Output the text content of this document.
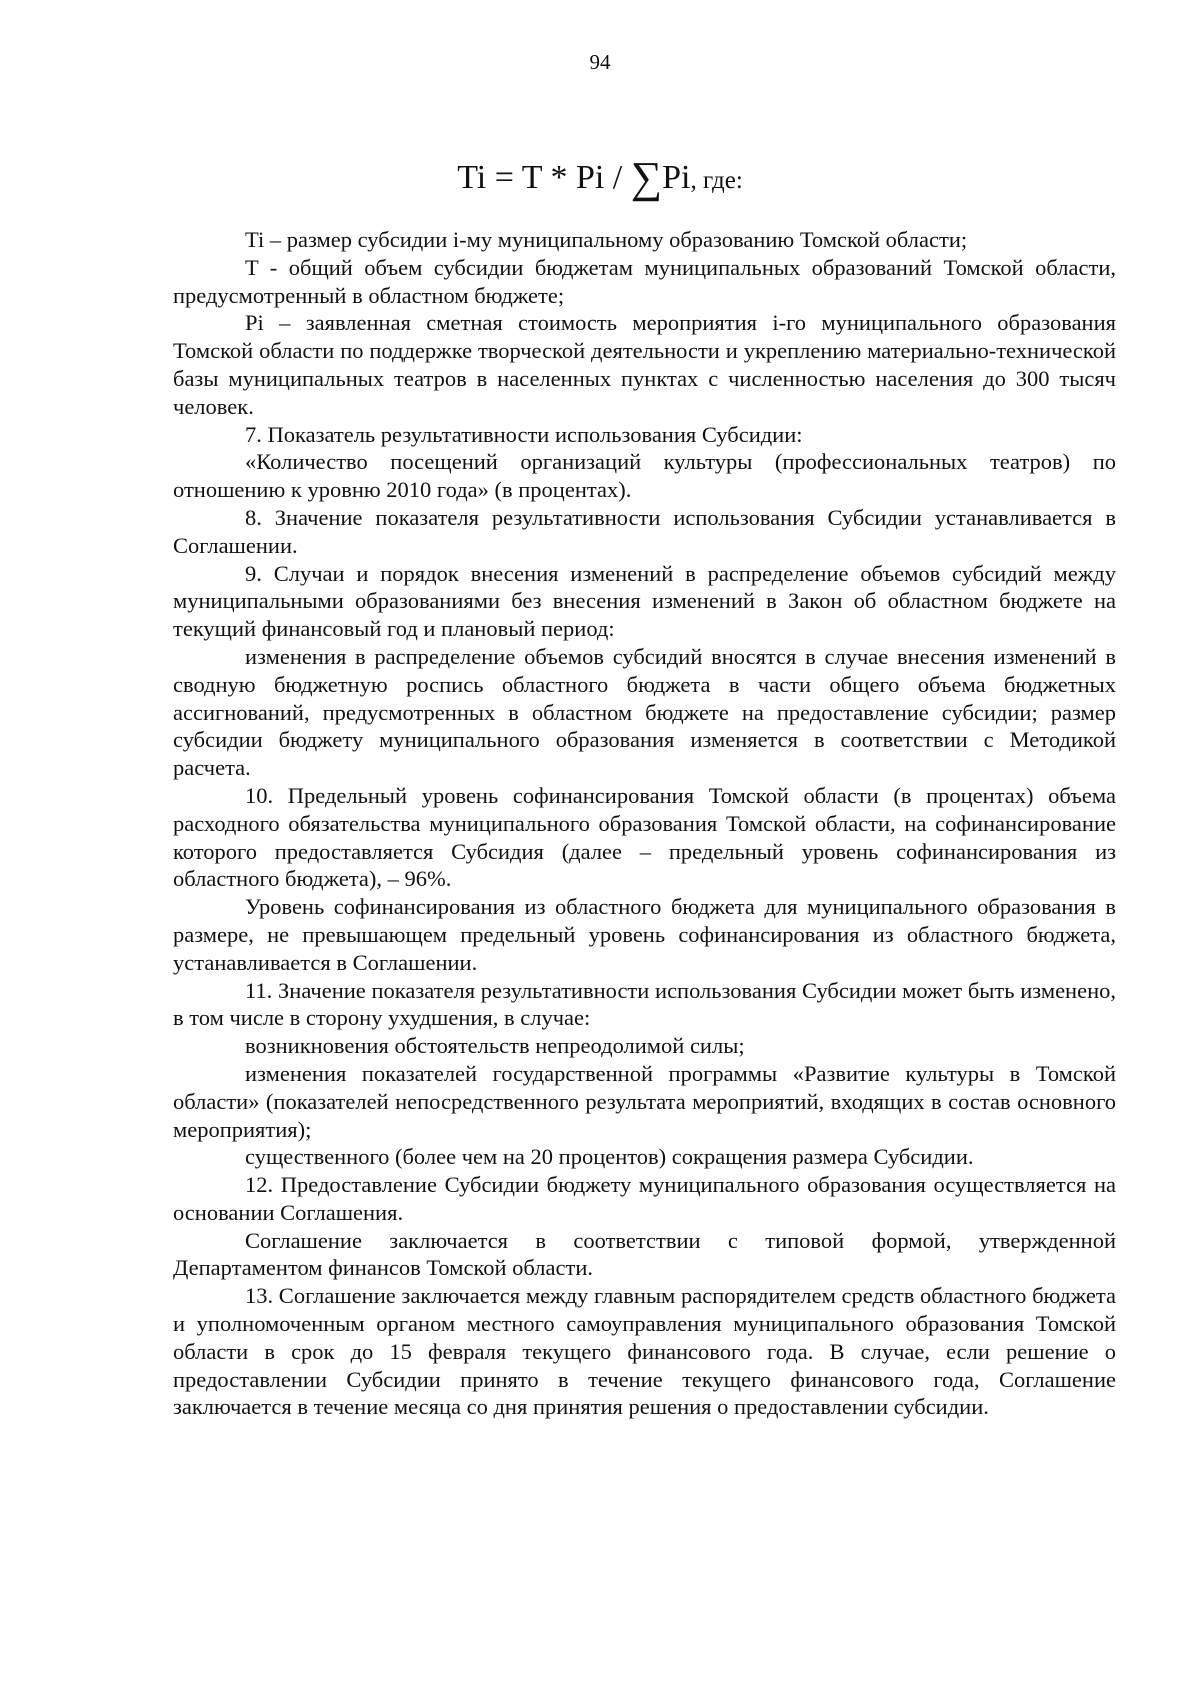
94
Ti = T * Pi / ∑Pi, где:

Ti – размер субсидии i-му муниципальному образованию Томской области;

T - общий объем субсидии бюджетам муниципальных образований Томской области, предусмотренный в областном бюджете;

Pi – заявленная сметная стоимость мероприятия i-го муниципального образования Томской области по поддержке творческой деятельности и укреплению материально-технической базы муниципальных театров в населенных пунктах с численностью населения до 300 тысяч человек.

7. Показатель результативности использования Субсидии:

«Количество посещений организаций культуры (профессиональных театров) по отношению к уровню 2010 года» (в процентах).

8. Значение показателя результативности использования Субсидии устанавливается в Соглашении.

9. Случаи и порядок внесения изменений в распределение объемов субсидий между муниципальными образованиями без внесения изменений в Закон об областном бюджете на текущий финансовый год и плановый период:

изменения в распределение объемов субсидий вносятся в случае внесения изменений в сводную бюджетную роспись областного бюджета в части общего объема бюджетных ассигнований, предусмотренных в областном бюджете на предоставление субсидии; размер субсидии бюджету муниципального образования изменяется в соответствии с Методикой расчета.

10. Предельный уровень софинансирования Томской области (в процентах) объема расходного обязательства муниципального образования Томской области, на софинансирование которого предоставляется Субсидия (далее – предельный уровень софинансирования из областного бюджета), – 96%.

Уровень софинансирования из областного бюджета для муниципального образования в размере, не превышающем предельный уровень софинансирования из областного бюджета, устанавливается в Соглашении.

11. Значение показателя результативности использования Субсидии может быть изменено, в том числе в сторону ухудшения, в случае:

возникновения обстоятельств непреодолимой силы;

изменения показателей государственной программы «Развитие культуры в Томской области» (показателей непосредственного результата мероприятий, входящих в состав основного мероприятия);

существенного (более чем на 20 процентов) сокращения размера Субсидии.

12. Предоставление Субсидии бюджету муниципального образования осуществляется на основании Соглашения.

Соглашение заключается в соответствии с типовой формой, утвержденной Департаментом финансов Томской области.

13. Соглашение заключается между главным распорядителем средств областного бюджета и уполномоченным органом местного самоуправления муниципального образования Томской области в срок до 15 февраля текущего финансового года. В случае, если решение о предоставлении Субсидии принято в течение текущего финансового года, Соглашение заключается в течение месяца со дня принятия решения о предоставлении субсидии.
